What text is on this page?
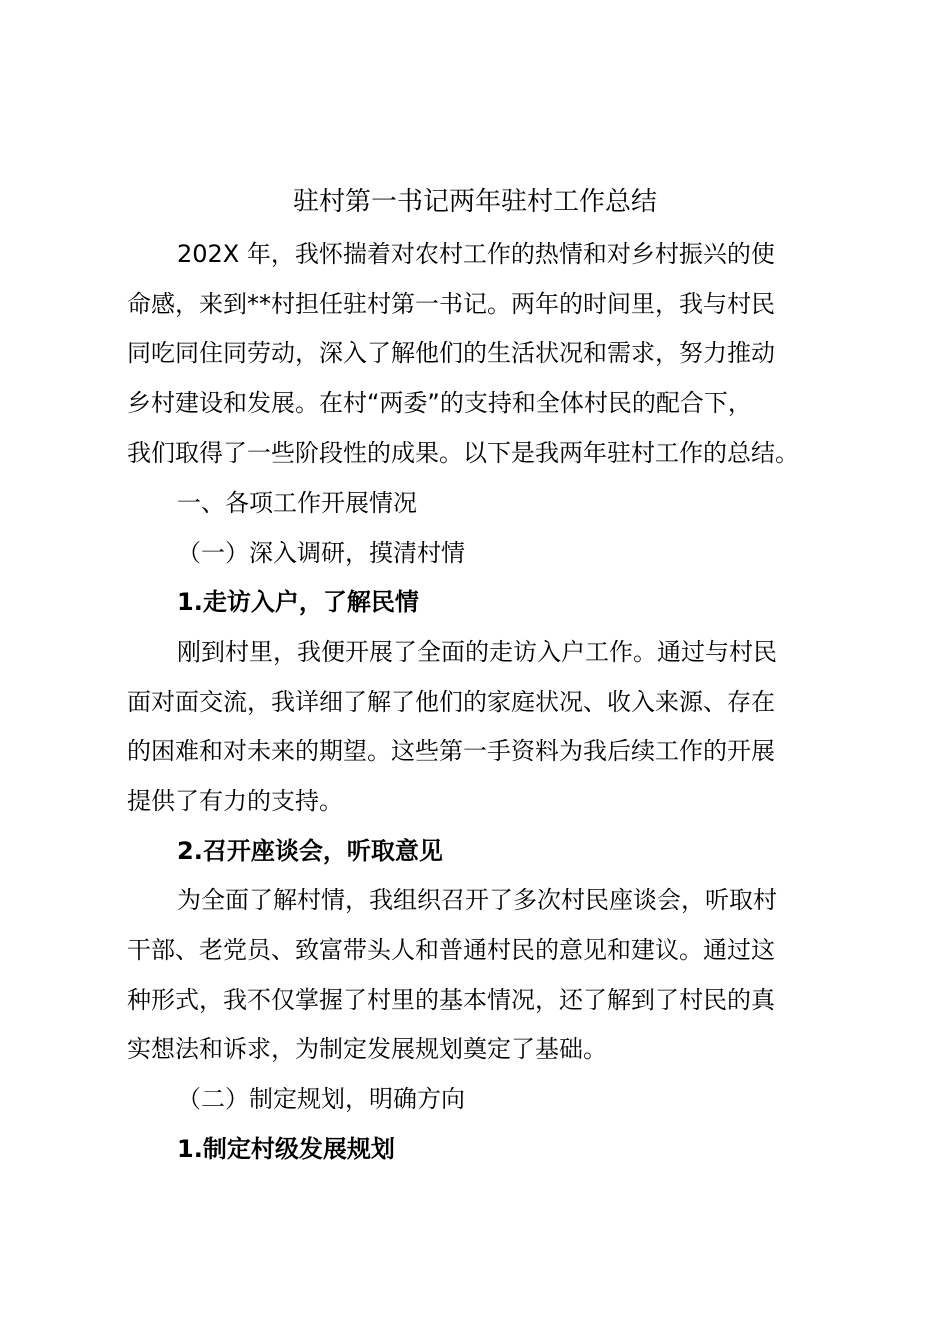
驻村第一书记两年驻村工作总结

202X 年，我怀揣着对农村工作的热情和对乡村振兴的使

命感，来到**村担任驻村第一书记。两年的时间里，我与村民

同吃同住同劳动，深入了解他们的生活状况和需求，努力推动

乡村建设和发展。在村“两委”的支持和全体村民的配合下，

我们取得了一些阶段性的成果。以下是我两年驻村工作的总结。

一、各项工作开展情况

（一）深入调研，摸清村情

1.走访入户，了解民情

刚到村里，我便开展了全面的走访入户工作。通过与村民

面对面交流，我详细了解了他们的家庭状况、收入来源、存在

的困难和对未来的期望。这些第一手资料为我后续工作的开展

提供了有力的支持。

2.召开座谈会，听取意见

为全面了解村情，我组织召开了多次村民座谈会，听取村

干部、老党员、致富带头人和普通村民的意见和建议。通过这

种形式，我不仅掌握了村里的基本情况，还了解到了村民的真

实想法和诉求，为制定发展规划奠定了基础。

（二）制定规划，明确方向

1.制定村级发展规划
